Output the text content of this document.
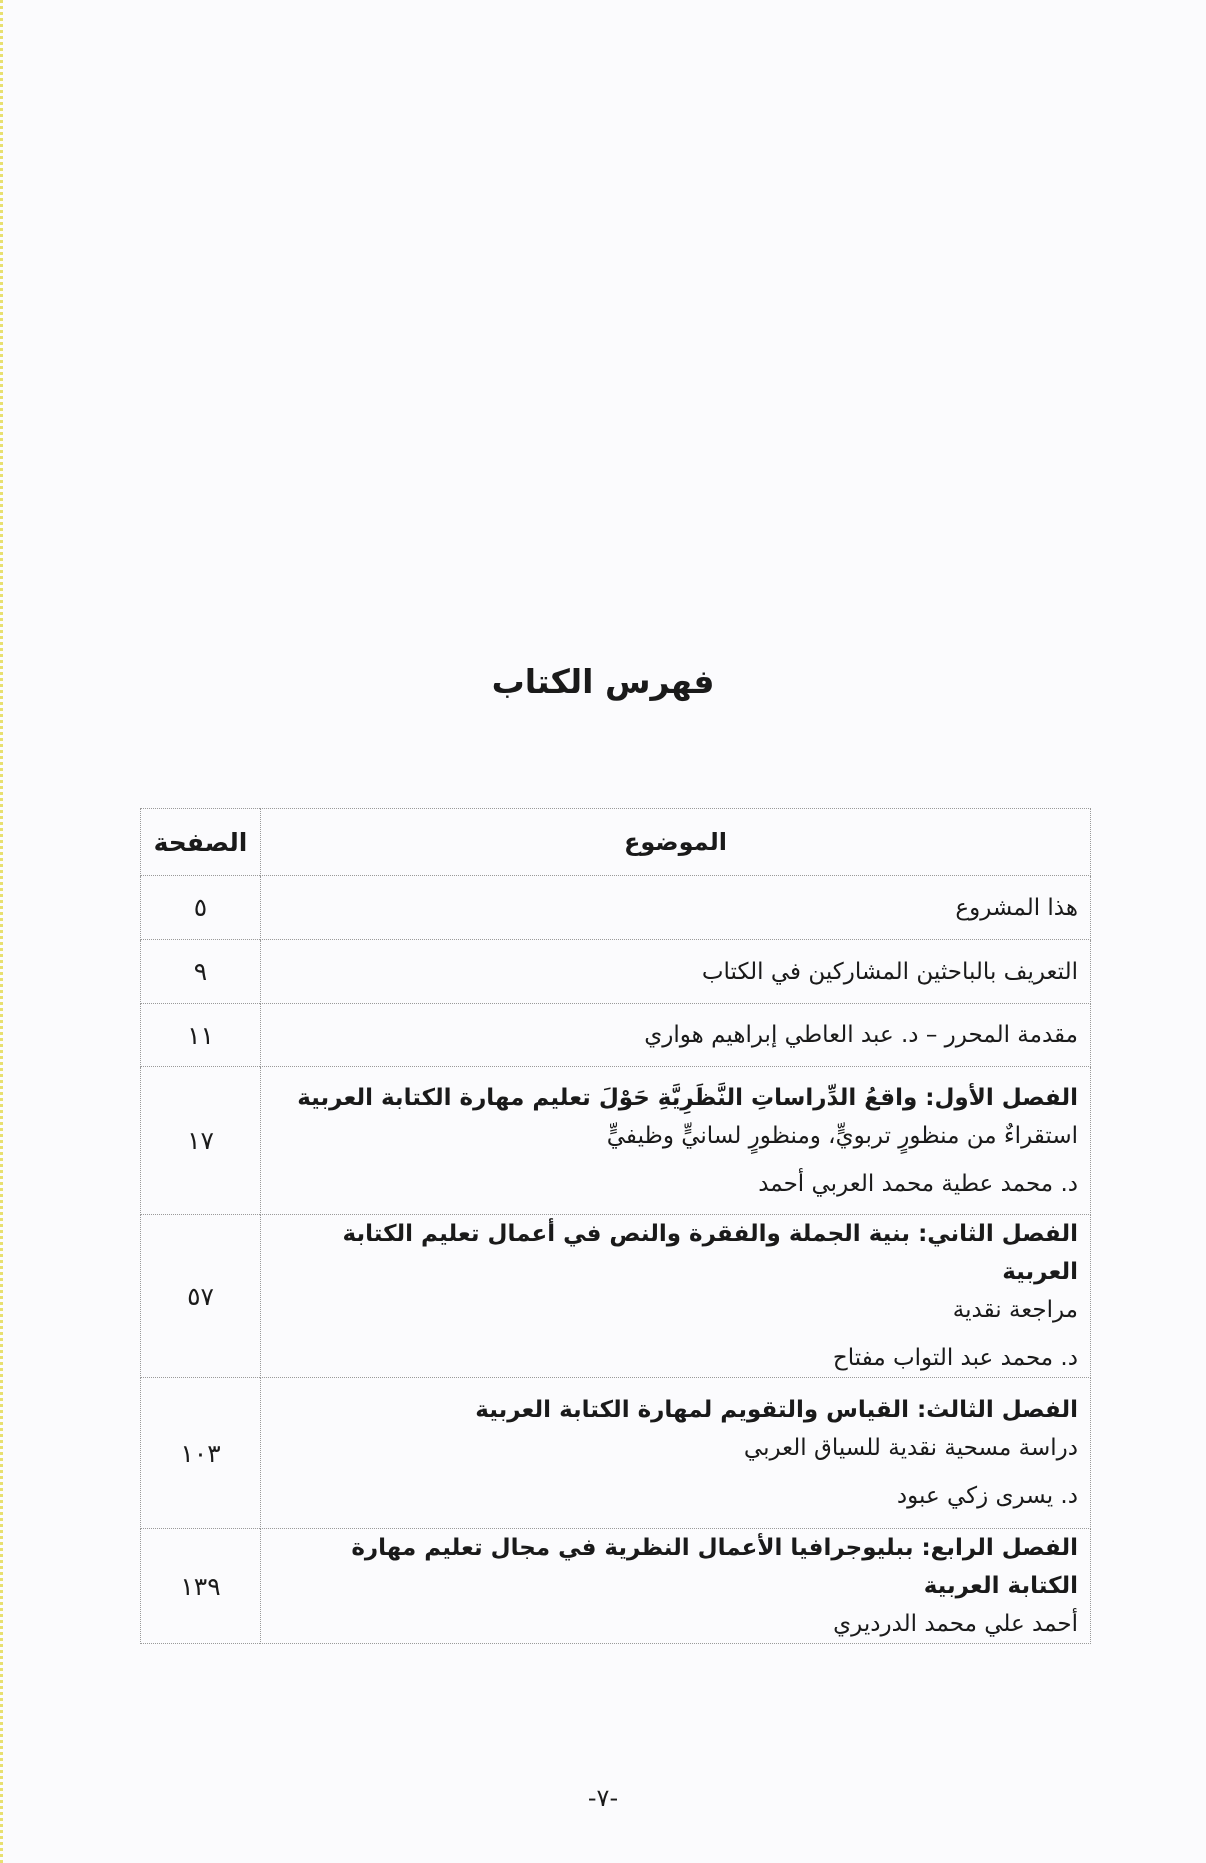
فهرس الكتاب
الموضوع	الصفحة
هذا المشروع	٥
التعريف بالباحثين المشاركين في الكتاب	٩
مقدمة المحرر – د. عبد العاطي إبراهيم هواري	١١

الفصل الأول: واقعُ الدِّراساتِ النَّظَرِيَّةِ حَوْلَ تعليم مهارة الكتابة العربية
استقراءٌ من منظورٍ تربويٍّ، ومنظورٍ لسانيٍّ وظيفيٍّ
د. محمد عطية محمد العربي أحمد	١٧

الفصل الثاني: بنية الجملة والفقرة والنص في أعمال تعليم الكتابة العربية
مراجعة نقدية
د. محمد عبد التواب مفتاح	٥٧

الفصل الثالث: القياس والتقويم لمهارة الكتابة العربية
دراسة مسحية نقدية للسياق العربي
د. يسرى زكي عبود	١٠٣

الفصل الرابع: ببليوجرافيا الأعمال النظرية في مجال تعليم مهارة الكتابة العربية
أحمد علي محمد الدرديري	١٣٩
-٧-
